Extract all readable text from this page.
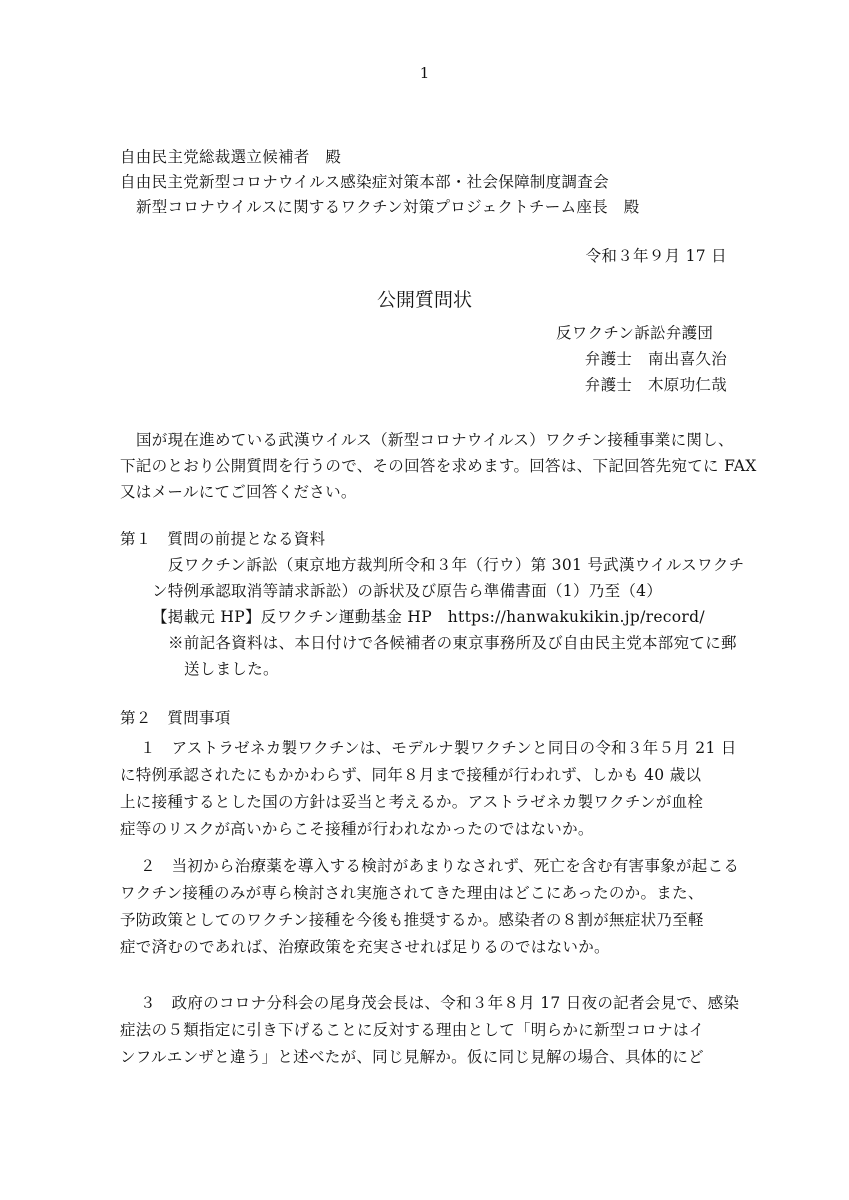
1
自由民主党総裁選立候補者　殿
自由民主党新型コロナウイルス感染症対策本部・社会保障制度調査会
新型コロナウイルスに関するワクチン対策プロジェクトチーム座長　殿
令和３年９月 17 日
公開質問状
反ワクチン訴訟弁護団
弁護士　南出喜久治
弁護士　木原功仁哉
国が現在進めている武漢ウイルス（新型コロナウイルス）ワクチン接種事業に関し、
下記のとおり公開質問を行うので、その回答を求めます。回答は、下記回答先宛てに FAX
又はメールにてご回答ください。
第１　質問の前提となる資料
反ワクチン訴訟（東京地方裁判所令和３年（行ウ）第 301 号武漢ウイルスワクチ
ン特例承認取消等請求訴訟）の訴状及び原告ら準備書面（1）乃至（4）
【掲載元 HP】反ワクチン運動基金 HP　https://hanwakukikin.jp/record/
※前記各資料は、本日付けで各候補者の東京事務所及び自由民主党本部宛てに郵
送しました。
第２　質問事項
１　アストラゼネカ製ワクチンは、モデルナ製ワクチンと同日の令和３年５月 21 日
に特例承認されたにもかかわらず、同年８月まで接種が行われず、しかも 40 歳以
上に接種するとした国の方針は妥当と考えるか。アストラゼネカ製ワクチンが血栓
症等のリスクが高いからこそ接種が行われなかったのではないか。
２　当初から治療薬を導入する検討があまりなされず、死亡を含む有害事象が起こる
ワクチン接種のみが専ら検討され実施されてきた理由はどこにあったのか。また、
予防政策としてのワクチン接種を今後も推奨するか。感染者の８割が無症状乃至軽
症で済むのであれば、治療政策を充実させれば足りるのではないか。
３　政府のコロナ分科会の尾身茂会長は、令和３年８月 17 日夜の記者会見で、感染
症法の５類指定に引き下げることに反対する理由として「明らかに新型コロナはイ
ンフルエンザと違う」と述べたが、同じ見解か。仮に同じ見解の場合、具体的にど
